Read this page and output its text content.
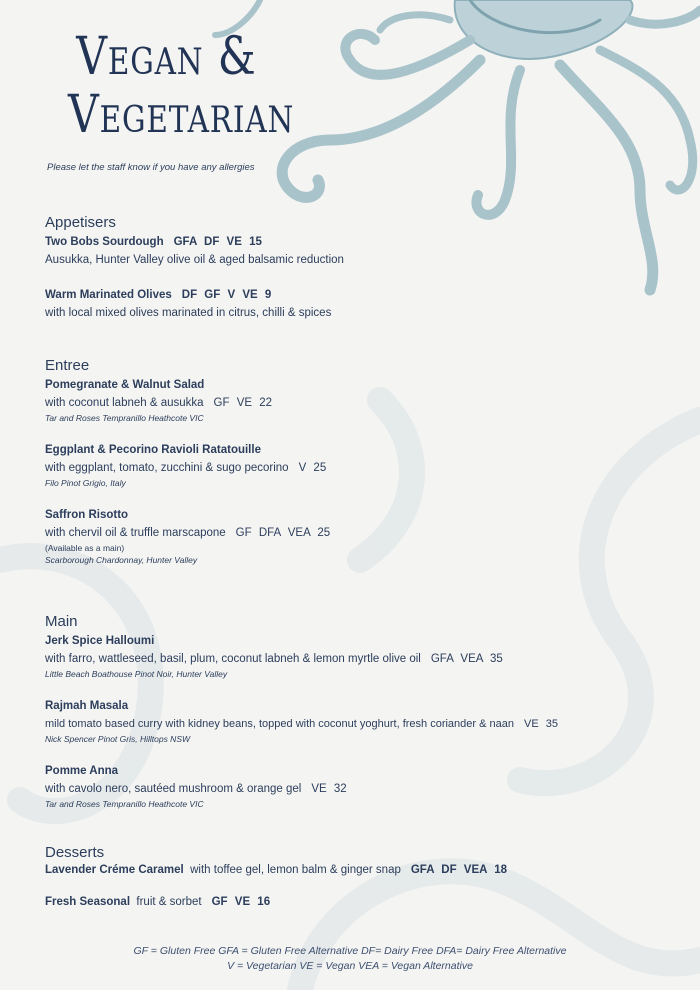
Vegan &
Vegetarian
Please let the staff know if you have any allergies
Appetisers
Two Bobs Sourdough GFA DF VE 15
Ausukka, Hunter Valley olive oil & aged balsamic reduction
Warm Marinated Olives DF GF V VE 9
with local mixed olives marinated in citrus, chilli & spices
Entree
Pomegranate & Walnut Salad
with coconut labneh & ausukka GF VE 22
Tar and Roses Tempranillo Heathcote VIC
Eggplant & Pecorino Ravioli Ratatouille
with eggplant, tomato, zucchini & sugo pecorino V 25
Filo Pinot Grigio, Italy
Saffron Risotto
with chervil oil & truffle marscapone GF DFA VEA 25
(Available as a main)
Scarborough Chardonnay, Hunter Valley
Main
Jerk Spice Halloumi
with farro, wattleseed, basil, plum, coconut labneh & lemon myrtle olive oil GFA VEA 35
Little Beach Boathouse Pinot Noir, Hunter Valley
Rajmah Masala
mild tomato based curry with kidney beans, topped with coconut yoghurt, fresh coriander & naan VE 35
Nick Spencer Pinot Gris, Hilltops NSW
Pomme Anna
with cavolo nero, sautéed mushroom & orange gel VE 32
Tar and Roses Tempranillo Heathcote VIC
Desserts
Lavender Créme Caramel with toffee gel, lemon balm & ginger snap GFA DF VEA 18
Fresh Seasonal fruit & sorbet GF VE 16
GF = Gluten Free GFA = Gluten Free Alternative DF= Dairy Free DFA= Dairy Free Alternative
V = Vegetarian VE = Vegan VEA = Vegan Alternative
